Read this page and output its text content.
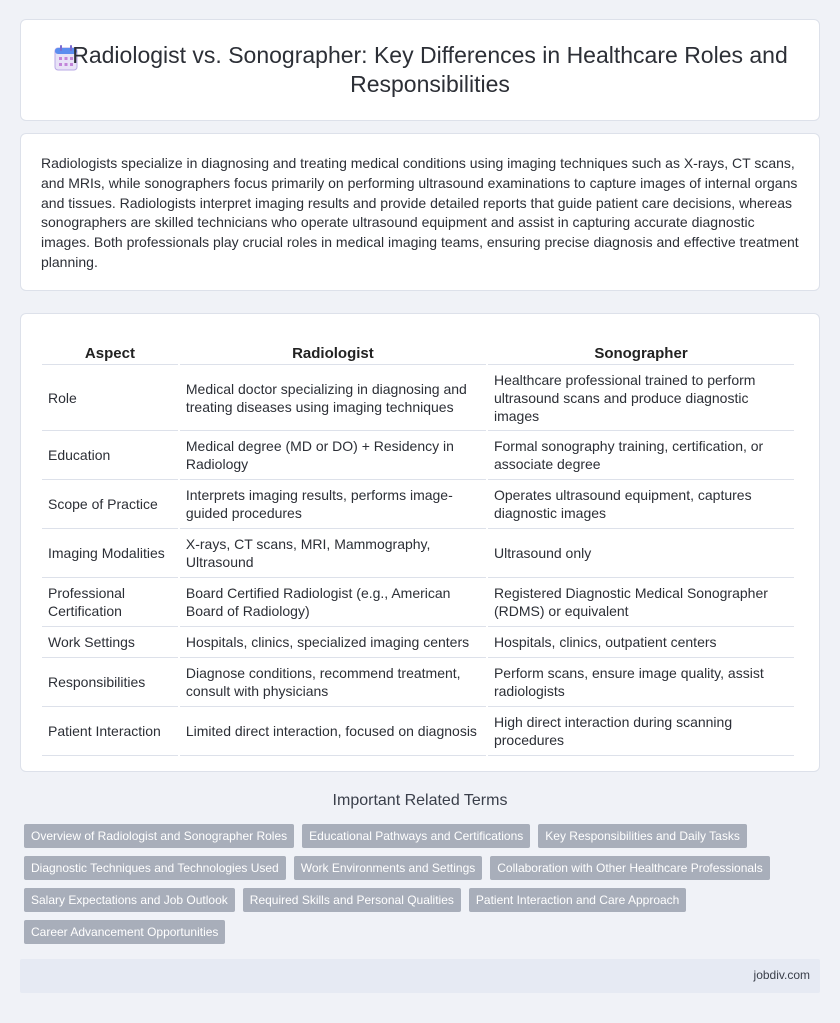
Radiologist vs. Sonographer: Key Differences in Healthcare Roles and Responsibilities

Radiologists specialize in diagnosing and treating medical conditions using imaging techniques such as X-rays, CT scans, and MRIs, while sonographers focus primarily on performing ultrasound examinations to capture images of internal organs and tissues. Radiologists interpret imaging results and provide detailed reports that guide patient care decisions, whereas sonographers are skilled technicians who operate ultrasound equipment and assist in capturing accurate diagnostic images. Both professionals play crucial roles in medical imaging teams, ensuring precise diagnosis and effective treatment planning.

Aspect	Radiologist	Sonographer
Role	Medical doctor specializing in diagnosing and treating diseases using imaging techniques	Healthcare professional trained to perform ultrasound scans and produce diagnostic images
Education	Medical degree (MD or DO) + Residency in Radiology	Formal sonography training, certification, or associate degree
Scope of Practice	Interprets imaging results, performs image-guided procedures	Operates ultrasound equipment, captures diagnostic images
Imaging Modalities	X-rays, CT scans, MRI, Mammography, Ultrasound	Ultrasound only
Professional Certification	Board Certified Radiologist (e.g., American Board of Radiology)	Registered Diagnostic Medical Sonographer (RDMS) or equivalent
Work Settings	Hospitals, clinics, specialized imaging centers	Hospitals, clinics, outpatient centers
Responsibilities	Diagnose conditions, recommend treatment, consult with physicians	Perform scans, ensure image quality, assist radiologists
Patient Interaction	Limited direct interaction, focused on diagnosis	High direct interaction during scanning procedures
Important Related Terms
Overview of Radiologist and Sonographer Roles	Educational Pathways and Certifications	Key Responsibilities and Daily Tasks
Diagnostic Techniques and Technologies Used	Work Environments and Settings	Collaboration with Other Healthcare Professionals
Salary Expectations and Job Outlook	Required Skills and Personal Qualities	Patient Interaction and Care Approach
Career Advancement Opportunities
jobdiv.com
